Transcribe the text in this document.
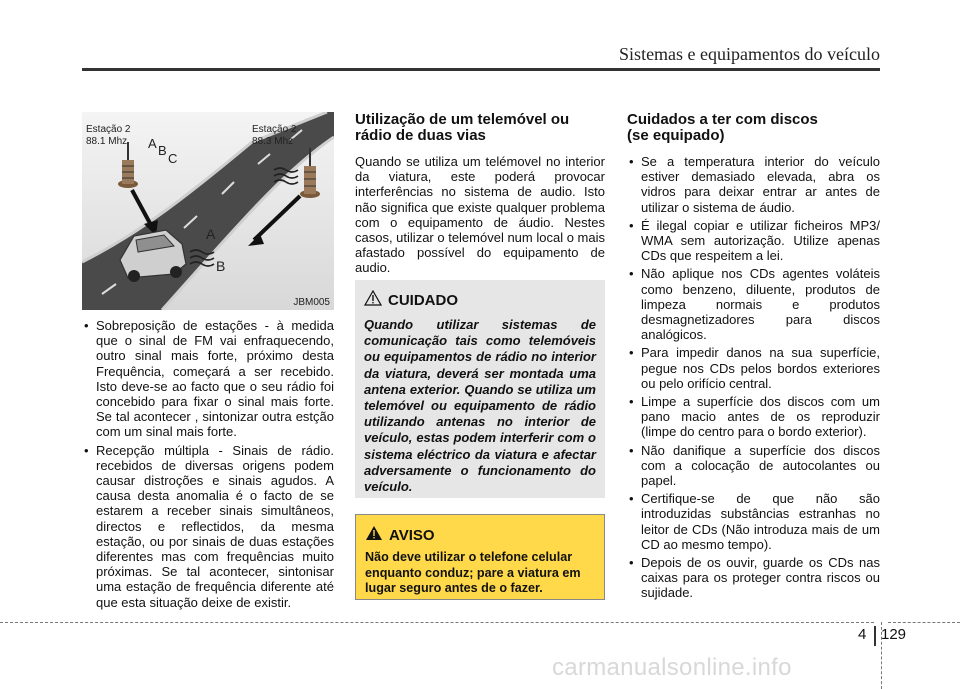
Sistemas e equipamentos do veículo
Estação 2
88.1 Mhz
Estação 2
88.3 Mhz
A B
C
A
B
JBM005
• Sobreposição de estações - à medida que o sinal de FM vai enfraquecendo, outro sinal mais forte, próximo desta Frequência, começará a ser recebido. Isto deve-se ao facto que o seu rádio foi concebido para fixar o sinal mais forte. Se tal acontecer , sintonizar outra estção com um sinal mais forte.
• Recepção múltipla - Sinais de rádio. recebidos de diversas origens podem causar distroções e sinais agudos. A causa desta anomalia é o facto de se estarem a receber sinais simultâneos, directos e reflectidos, da mesma estação, ou por sinais de duas estações diferentes mas com frequências muito próximas. Se tal acontecer, sintonisar uma estação de frequência diferente até que esta situação deixe de existir.
Utilização de um telemóvel ou rádio de duas vias

Quando se utiliza um telémovel no interior da viatura, este poderá provocar interferências no sistema de audio. Isto não significa que existe qualquer problema com o equipamento de áudio. Nestes casos, utilizar o telemóvel num local o mais afastado possível do equipamento de audio.

CUIDADO
Quando utilizar sistemas de comunicação tais como telemóveis ou equipamentos de rádio no interior da viatura, deverá ser montada uma antena exterior. Quando se utiliza um telemóvel ou equipamento de rádio utilizando antenas no interior de veículo, estas podem interferir com o sistema eléctrico da viatura e afectar adversamente o funcionamento do veículo.
AVISO
Não deve utilizar o telefone celular enquanto conduz; pare a viatura em lugar seguro antes de o fazer.
Cuidados a ter com discos
(se equipado)
• Se a temperatura interior do veículo estiver demasiado elevada, abra os vidros para deixar entrar ar antes de utilizar o sistema de áudio.
• É ilegal copiar e utilizar ficheiros MP3/ WMA sem autorização. Utilize apenas CDs que respeitem a lei.
• Não aplique nos CDs agentes voláteis como benzeno, diluente, produtos de limpeza normais e produtos desmagnetizadores para discos analógicos.
• Para impedir danos na sua superfície, pegue nos CDs pelos bordos exteriores ou pelo orifício central.
• Limpe a superfície dos discos com um pano macio antes de os reproduzir (limpe do centro para o bordo exterior).
• Não danifique a superfície dos discos com a colocação de autocolantes ou papel.
• Certifique-se de que não são introduzidas substâncias estranhas no leitor de CDs (Não introduza mais de um CD ao mesmo tempo).
• Depois de os ouvir, guarde os CDs nas caixas para os proteger contra riscos ou sujidade.
4 129
carmanualsonline.info
